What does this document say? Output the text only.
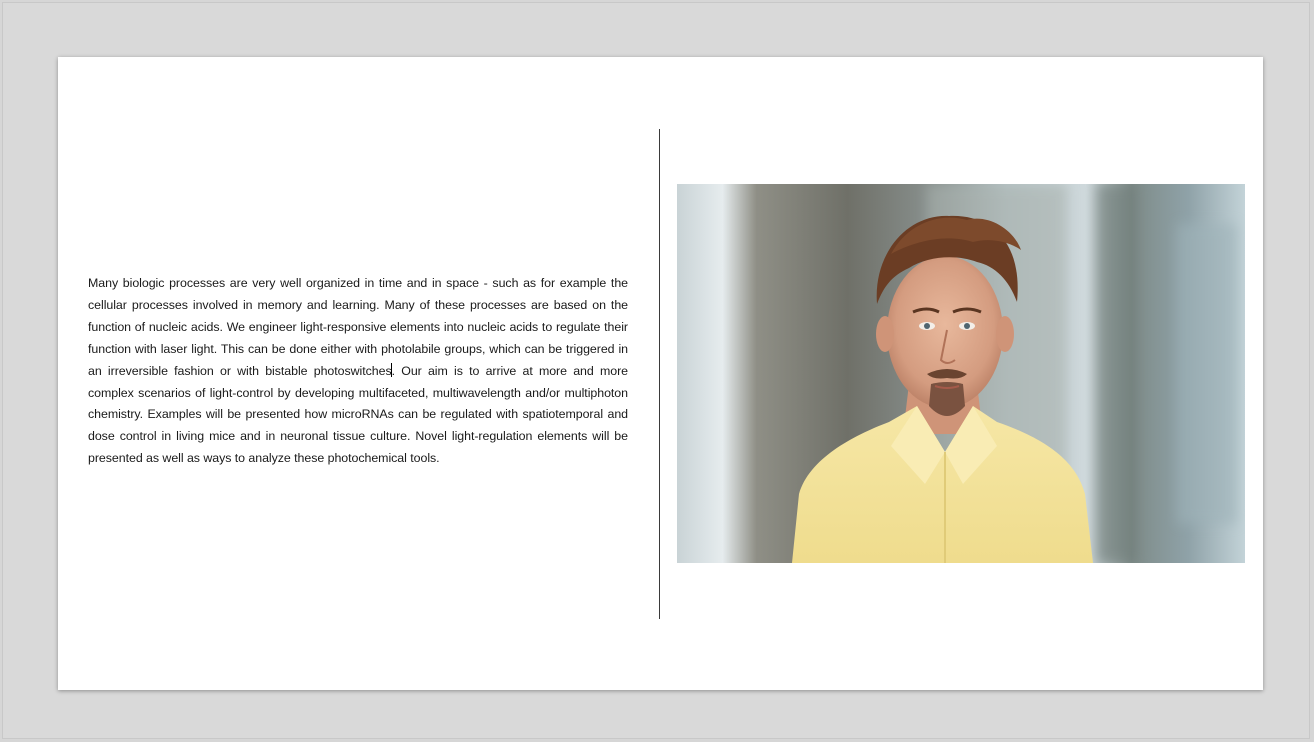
Many biologic processes are very well organized in time and in space - such as for example the cellular processes involved in memory and learning. Many of these processes are based on the function of nucleic acids. We engineer light-responsive elements into nucleic acids to regulate their function with laser light. This can be done either with photolabile groups, which can be triggered in an irreversible fashion or with bistable photoswitches. Our aim is to arrive at more and more complex scenarios of light-control by developing multifaceted, multiwavelength and/or multiphoton chemistry. Examples will be presented how microRNAs can be regulated with spatiotemporal and dose control in living mice and in neuronal tissue culture. Novel light-regulation elements will be presented as well as ways to analyze these photochemical tools.
